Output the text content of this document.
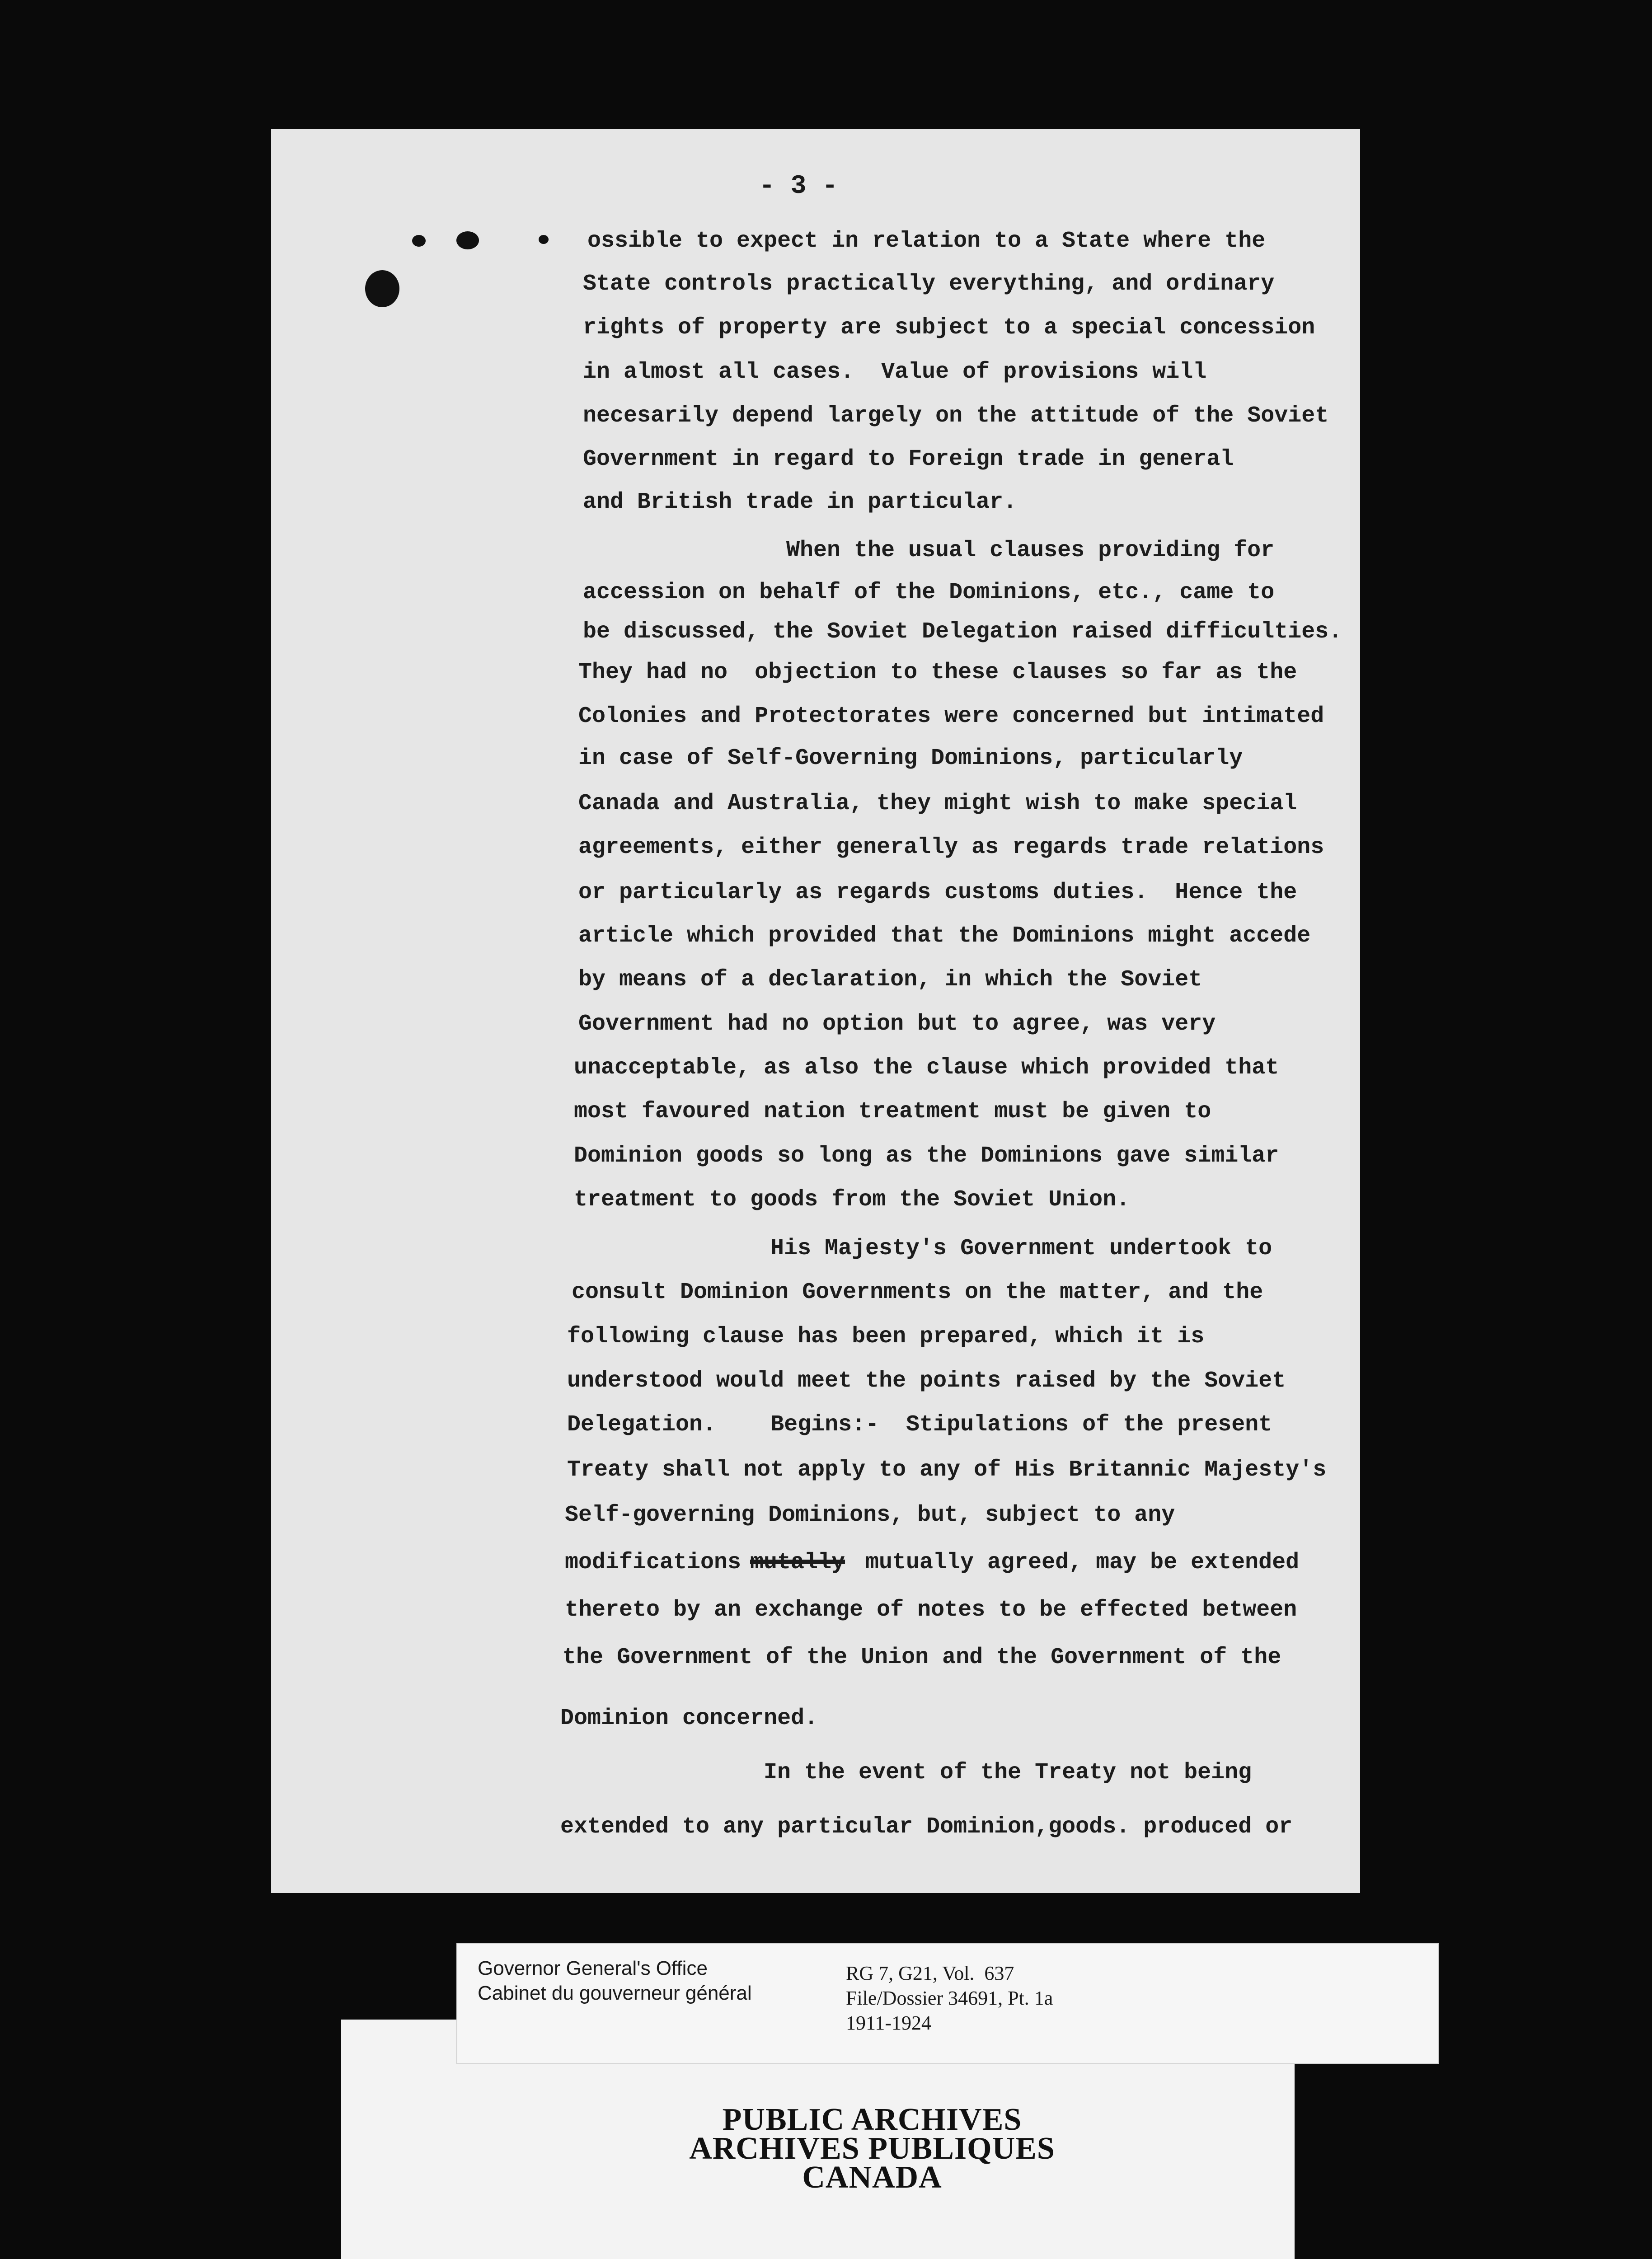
- 3 -
ossible to expect in relation to a State where the
State controls practically everything, and ordinary
rights of property are subject to a special concession
in almost all cases.  Value of provisions will
necesarily depend largely on the attitude of the Soviet
Government in regard to Foreign trade in general
and British trade in particular.
When the usual clauses providing for
accession on behalf of the Dominions, etc., came to
be discussed, the Soviet Delegation raised difficulties.
They had no  objection to these clauses so far as the
Colonies and Protectorates were concerned but intimated
in case of Self-Governing Dominions, particularly
Canada and Australia, they might wish to make special
agreements, either generally as regards trade relations
or particularly as regards customs duties.  Hence the
article which provided that the Dominions might accede
by means of a declaration, in which the Soviet
Government had no option but to agree, was very
unacceptable, as also the clause which provided that
most favoured nation treatment must be given to
Dominion goods so long as the Dominions gave similar
treatment to goods from the Soviet Union.
His Majesty's Government undertook to
consult Dominion Governments on the matter, and the
following clause has been prepared, which it is
understood would meet the points raised by the Soviet
Delegation.    Begins:-  Stipulations of the present
Treaty shall not apply to any of His Britannic Majesty's
Self-governing Dominions, but, subject to any
modifications mutally mutually agreed, may be extended
thereto by an exchange of notes to be effected between
the Government of the Union and the Government of the
Dominion concerned.
In the event of the Treaty not being
extended to any particular Dominion,goods. produced or
Governor General's Office
Cabinet du gouverneur général
RG 7, G21, Vol.  637
File/Dossier 34691, Pt. 1a
1911-1924
PUBLIC ARCHIVES
ARCHIVES PUBLIQUES
CANADA
